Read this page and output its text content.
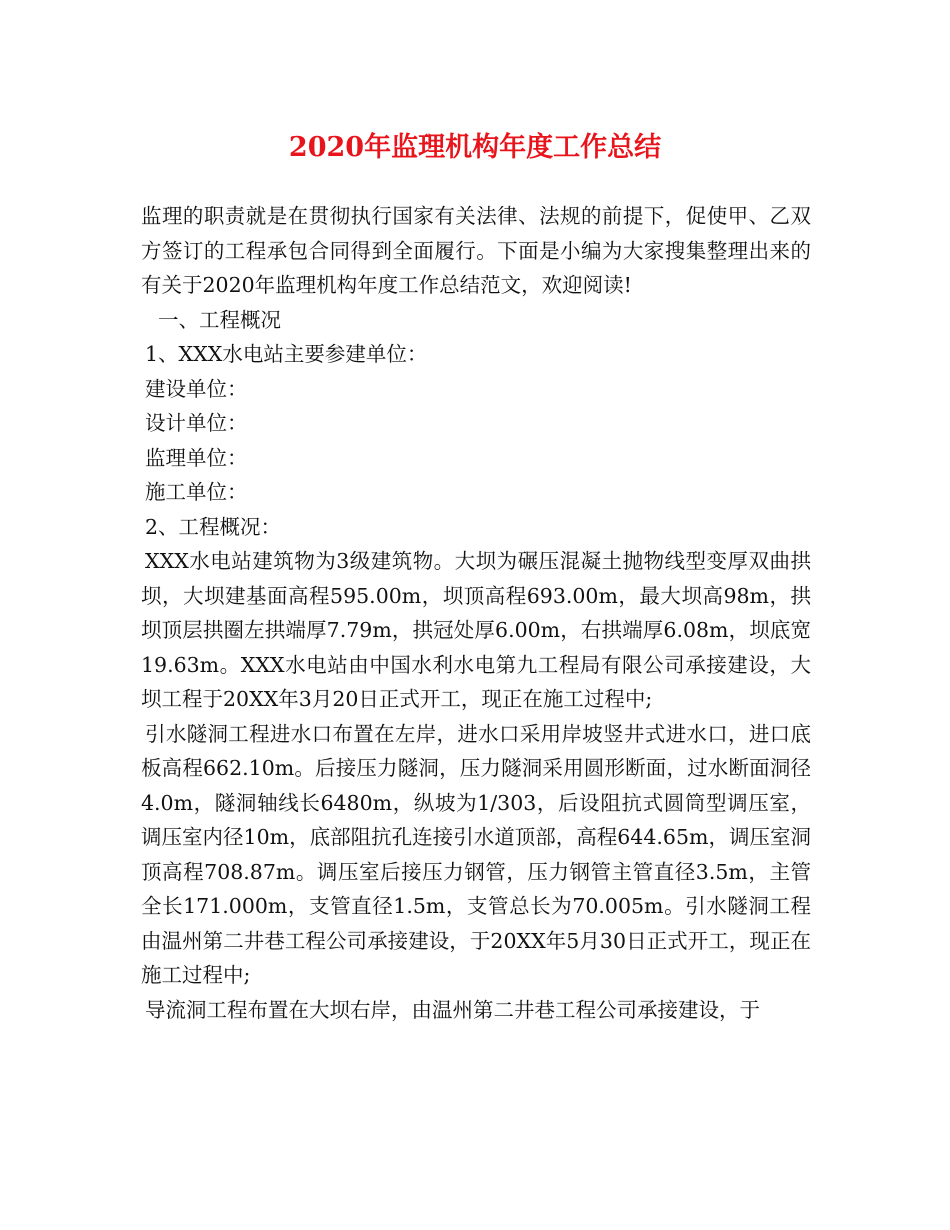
2020年监理机构年度工作总结

监理的职责就是在贯彻执行国家有关法律、法规的前提下，促使甲、乙双方签订的工程承包合同得到全面履行。下面是小编为大家搜集整理出来的有关于2020年监理机构年度工作总结范文，欢迎阅读!

一、工程概况

1、XXX水电站主要参建单位：

建设单位：

设计单位：

监理单位：

施工单位：

2、工程概况：

XXX水电站建筑物为3级建筑物。大坝为碾压混凝土抛物线型变厚双曲拱坝，大坝建基面高程595.00m，坝顶高程693.00m，最大坝高98m，拱坝顶层拱圈左拱端厚7.79m，拱冠处厚6.00m，右拱端厚6.08m，坝底宽19.63m。XXX水电站由中国水利水电第九工程局有限公司承接建设，大坝工程于20XX年3月20日正式开工，现正在施工过程中;

引水隧洞工程进水口布置在左岸，进水口采用岸坡竖井式进水口，进口底板高程662.10m。后接压力隧洞，压力隧洞采用圆形断面，过水断面洞径4.0m，隧洞轴线长6480m，纵坡为1/303，后设阻抗式圆筒型调压室，调压室内径10m，底部阻抗孔连接引水道顶部，高程644.65m，调压室洞顶高程708.87m。调压室后接压力钢管，压力钢管主管直径3.5m，主管全长171.000m，支管直径1.5m，支管总长为70.005m。引水隧洞工程由温州第二井巷工程公司承接建设，于20XX年5月30日正式开工，现正在施工过程中;

导流洞工程布置在大坝右岸，由温州第二井巷工程公司承接建设，于
